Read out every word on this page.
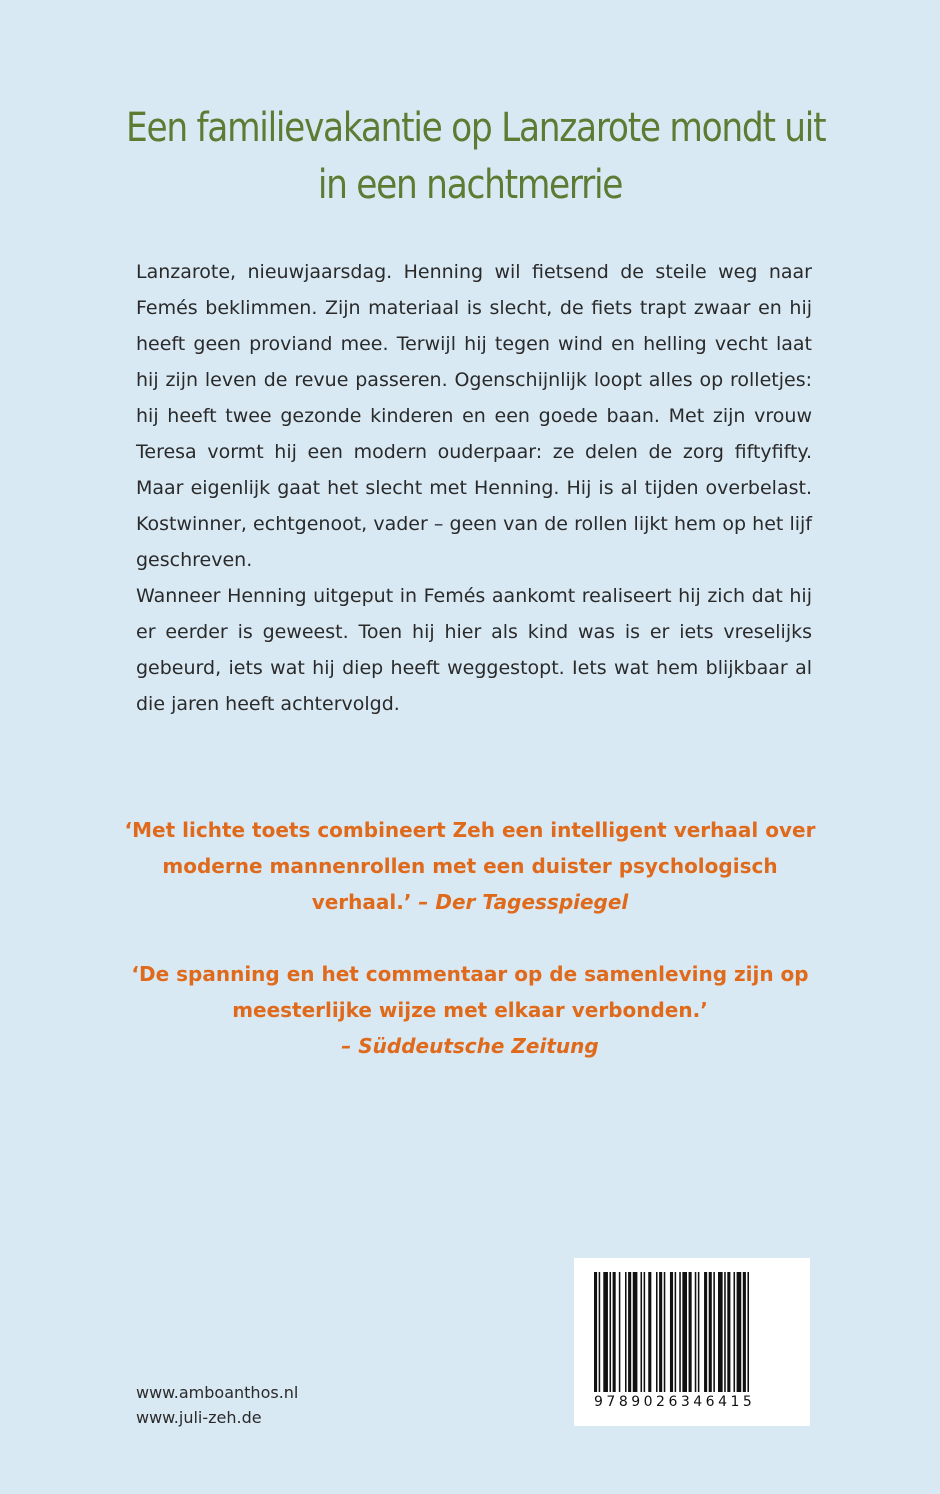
Een familievakantie op Lanzarote mondt uit
in een nachtmerrie

Lanzarote, nieuwjaarsdag. Henning wil fietsend de steile weg naar Femés beklimmen. Zijn materiaal is slecht, de fiets trapt zwaar en hij heeft geen proviand mee. Terwijl hij tegen wind en helling vecht laat hij zijn leven de revue passeren. Ogenschijnlijk loopt alles op rolletjes: hij heeft twee gezonde kinderen en een goede baan. Met zijn vrouw Teresa vormt hij een modern ouderpaar: ze delen de zorg fiftyfifty. Maar eigenlijk gaat het slecht met Henning. Hij is al tijden overbelast. Kostwinner, echtgenoot, vader – geen van de rollen lijkt hem op het lijf geschreven.

Wanneer Henning uitgeput in Femés aankomt realiseert hij zich dat hij er eerder is geweest. Toen hij hier als kind was is er iets vreselijks gebeurd, iets wat hij diep heeft weggestopt. Iets wat hem blijkbaar al die jaren heeft achtervolgd.

‘Met lichte toets combineert Zeh een intelligent verhaal over moderne mannenrollen met een duister psychologisch verhaal.’ – Der Tagesspiegel
‘De spanning en het commentaar op de samenleving zijn op meesterlijke wijze met elkaar verbonden.’
– Süddeutsche Zeitung
www.amboanthos.nl
www.juli-zeh.de
9789026346415
